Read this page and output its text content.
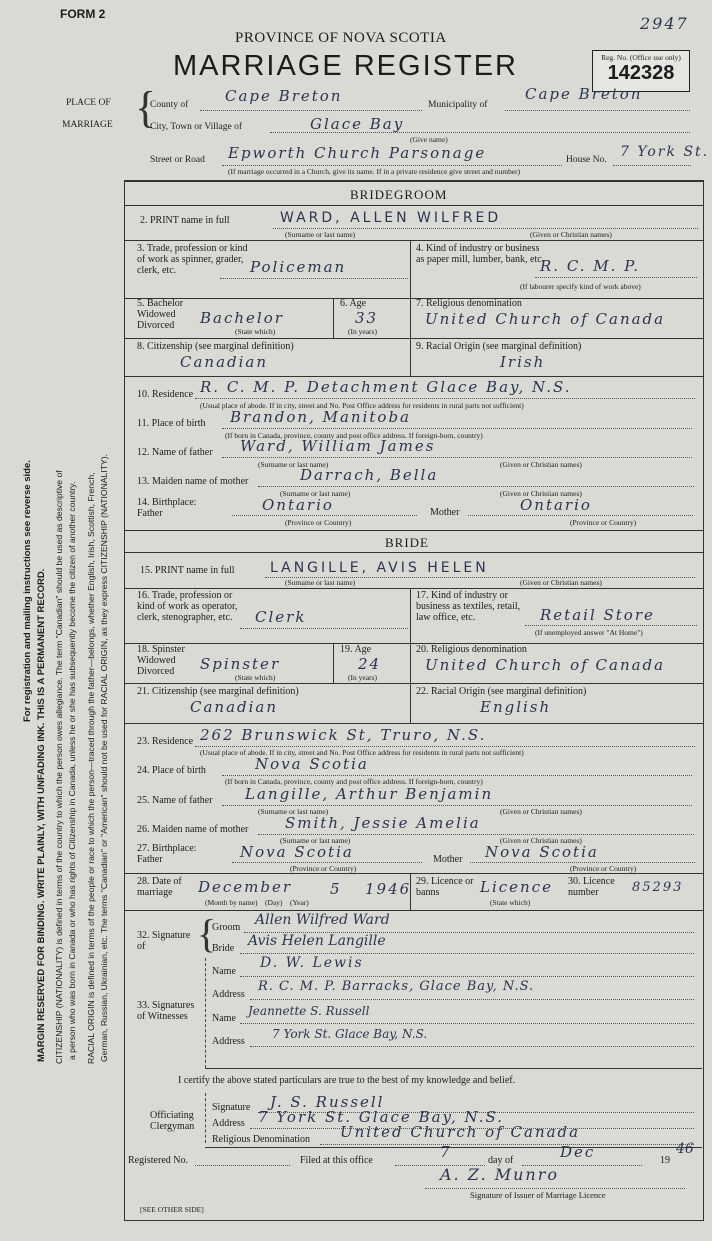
FORM 2
PROVINCE OF NOVA SCOTIA
MARRIAGE REGISTER
2947
Reg. No. (Office use only)
142328
PLACE OF
MARRIAGE {
County of Cape Breton	Municipality of
Cape Breton
City, Town or Village of	Glace Bay
(Give name)
Street or Road Epworth Church Parsonage	House No. 7 York St.
(If marriage occurred in a Church, give its name. If in a private residence give street and number)
BRIDEGROOM
2. PRINT name in full	WARD, ALLEN WILFRED
(Surname or last name)	(Given or Christian names)
3. Trade, profession or kind of work as spinner, grader, clerk, etc.	Policeman
4. Kind of industry or business as paper mill, lumber, bank, etc.
R. C. M. P.
(If labourer specify kind of work above)
5. Bachelor Widowed Divorced	Bachelor
(State which)
6. Age
33
(In years)
7. Religious denomination
United Church of Canada
8. Citizenship (see marginal definition)
Canadian
9. Racial Origin (see marginal definition)
Irish
10. Residence R. C. M. P. Detachment Glace Bay, N.S.
(Usual place of abode. If in city, street and No. Post Office address for residents in rural parts not sufficient)
11. Place of birth Brandon, Manitoba
(If born in Canada, province, county and post office address. If foreign-born, country)
12. Name of father Ward, William James
(Surname or last name)	(Given or Christian names)
13. Maiden name of mother	Darrach, Bella
(Surname or last name)	(Given or Christian names)
14. Birthplace: Father	Ontario
(Province or Country)
Mother	Ontario
(Province or Country)
BRIDE
15. PRINT name in full	LANGILLE, AVIS HELEN
(Surname or last name)	(Given or Christian names)
16. Trade, profession or kind of work as operator, clerk, stenographer, etc.	Clerk
17. Kind of industry or business as textiles, retail, law office, etc.	Retail Store
(If unemployed answer "At Home")
18. Spinster Widowed Divorced	Spinster
(State which)
19. Age
24
(In years)
20. Religious denomination
United Church of Canada
21. Citizenship (see marginal definition)
Canadian
22. Racial Origin (see marginal definition)
English
23. Residence 262 Brunswick St, Truro, N.S.
(Usual place of abode. If in city, street and No. Post Office address for residents in rural parts not sufficient)
24. Place of birth	Nova Scotia
(If born in Canada, province, county and post office address. If foreign-born, country)
25. Name of father Langille, Arthur Benjamin
(Surname or last name)	(Given or Christian names)
26. Maiden name of mother Smith, Jessie Amelia
(Surname or last name)	(Given or Christian names)
27. Birthplace: Father	Nova Scotia
(Province or Country)
Mother Nova Scotia
(Province or Country)
28. Date of marriage	December	5 1946
(Month by name)    (Day)    (Year)
29. Licence or banns	Licence
(State which)
30. Licence number	85293
32. Signature of	{
Groom Allen Wilfred Ward
Bride Avis Helen Langille
33. Signatures of Witnesses
Name
D. W. Lewis
Address
R. C. M. P. Barracks, Glace Bay, N.S.
Name
Jeannette S. Russell
Address
7 York St. Glace Bay, N.S.
I certify the above stated particulars are true to the best of my knowledge and belief.
Officiating Clergyman
Signature J. S. Russell
Address 7 York St. Glace Bay, N.S.
Religious Denomination United Church of Canada
Registered No.	Filed at this office	7	day of	Dec	19
46
A. Z. Munro
Signature of Issuer of Marriage Licence
[SEE OTHER SIDE]
For registration and mailing instructions see reverse side. MARGIN RESERVED FOR BINDING. WRITE PLAINLY, WITH UNFADING INK. THIS IS A PERMANENT RECORD. CITIZENSHIP (NATIONALITY) is defined in terms of the country to which the person owes allegiance. The term "Canadian" should be used as descriptive of a person who was born in Canada or who has rights of Citizenship in Canada, unless he or she has subsequently become the citizen of another country. RACIAL ORIGIN is defined in terms of the people or race to which the person—traced through the father—belongs, whether English, Irish, Scottish, French, German, Russian, Ukrainian, etc. The terms "Canadian" or "American" should not be used for RACIAL ORIGIN, as they express CITIZENSHIP (NATIONALITY).
